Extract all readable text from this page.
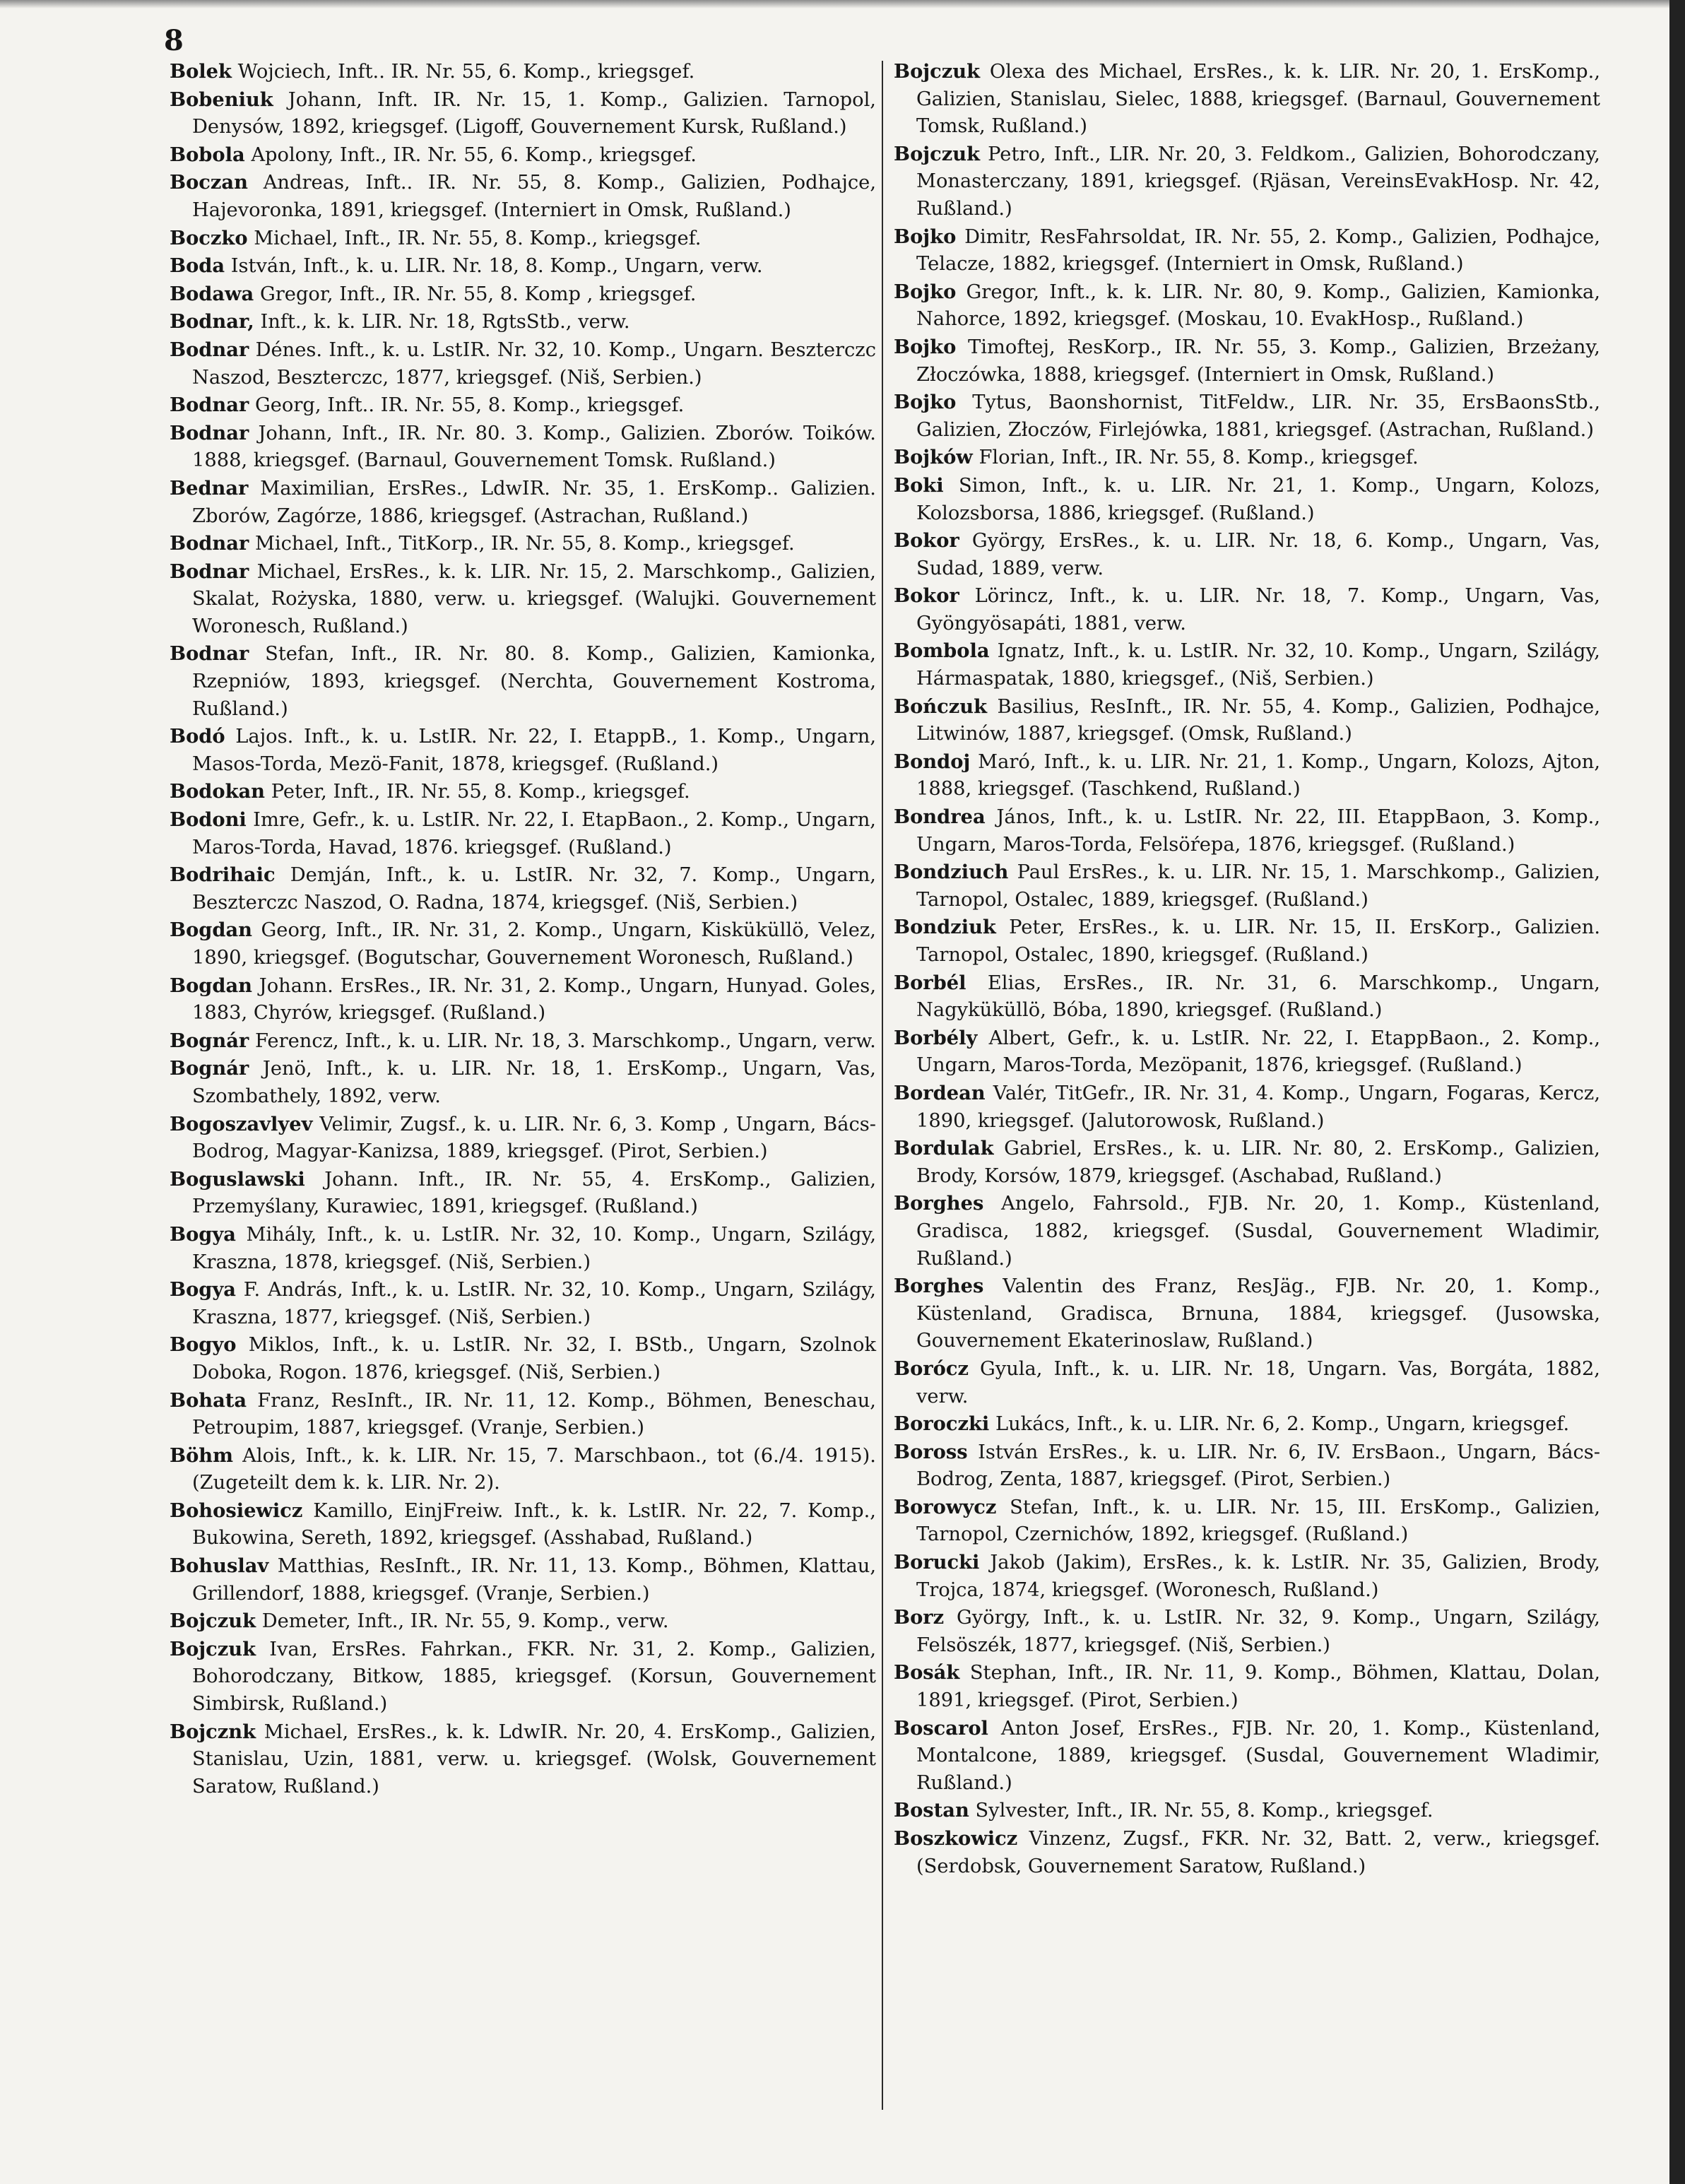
8

Bolek Wojciech, Inft.. IR. Nr. 55, 6. Komp., kriegsgef.

Bobeniuk Johann, Inft. IR. Nr. 15, 1. Komp., Galizien. Tarnopol, Denysów, 1892, kriegsgef. (Ligoff, Gouvernement Kursk, Rußland.)

Bobola Apolony, Inft., IR. Nr. 55, 6. Komp., kriegsgef.

Boczan Andreas, Inft.. IR. Nr. 55, 8. Komp., Galizien, Podhajce, Hajevoronka, 1891, kriegsgef. (Interniert in Omsk, Rußland.)

Boczko Michael, Inft., IR. Nr. 55, 8. Komp., kriegsgef.

Boda István, Inft., k. u. LIR. Nr. 18, 8. Komp., Ungarn, verw.

Bodawa Gregor, Inft., IR. Nr. 55, 8. Komp , kriegsgef.

Bodnar, Inft., k. k. LIR. Nr. 18, RgtsStb., verw.

Bodnar Dénes. Inft., k. u. LstIR. Nr. 32, 10. Komp., Ungarn. Beszterczc Naszod, Beszterczc, 1877, kriegsgef. (Niš, Serbien.)

Bodnar Georg, Inft.. IR. Nr. 55, 8. Komp., kriegsgef.

Bodnar Johann, Inft., IR. Nr. 80. 3. Komp., Galizien. Zborów. Toików. 1888, kriegsgef. (Barnaul, Gouvernement Tomsk. Rußland.)

Bednar Maximilian, ErsRes., LdwIR. Nr. 35, 1. ErsKomp.. Galizien. Zborów, Zagórze, 1886, kriegsgef. (Astrachan, Rußland.)

Bodnar Michael, Inft., TitKorp., IR. Nr. 55, 8. Komp., kriegsgef.

Bodnar Michael, ErsRes., k. k. LIR. Nr. 15, 2. Marschkomp., Galizien, Skalat, Rożyska, 1880, verw. u. kriegsgef. (Walujki. Gouvernement Woronesch, Rußland.)

Bodnar Stefan, Inft., IR. Nr. 80. 8. Komp., Galizien, Kamionka, Rzepniów, 1893, kriegsgef. (Nerchta, Gouvernement Kostroma, Rußland.)

Bodó Lajos. Inft., k. u. LstIR. Nr. 22, I. EtappB., 1. Komp., Ungarn, Masos-Torda, Mezö-Fanit, 1878, kriegsgef. (Rußland.)

Bodokan Peter, Inft., IR. Nr. 55, 8. Komp., kriegsgef.

Bodoni Imre, Gefr., k. u. LstIR. Nr. 22, I. EtapBaon., 2. Komp., Ungarn, Maros-Torda, Havad, 1876. kriegsgef. (Rußland.)

Bodrihaic Demján, Inft., k. u. LstIR. Nr. 32, 7. Komp., Ungarn, Beszterczc Naszod, O. Radna, 1874, kriegsgef. (Niš, Serbien.)

Bogdan Georg, Inft., IR. Nr. 31, 2. Komp., Ungarn, Kisküküllö, Velez, 1890, kriegsgef. (Bogutschar, Gouvernement Woronesch, Rußland.)

Bogdan Johann. ErsRes., IR. Nr. 31, 2. Komp., Ungarn, Hunyad. Goles, 1883, Chyrów, kriegsgef. (Rußland.)

Bognár Ferencz, Inft., k. u. LIR. Nr. 18, 3. Marschkomp., Ungarn, verw.

Bognár Jenö, Inft., k. u. LIR. Nr. 18, 1. ErsKomp., Ungarn, Vas, Szombathely, 1892, verw.

Bogoszavlyev Velimir, Zugsf., k. u. LIR. Nr. 6, 3. Komp , Ungarn, Bács-Bodrog, Magyar-Kanizsa, 1889, kriegsgef. (Pirot, Serbien.)

Boguslawski Johann. Inft., IR. Nr. 55, 4. ErsKomp., Galizien, Przemyślany, Kurawiec, 1891, kriegsgef. (Rußland.)

Bogya Mihály, Inft., k. u. LstIR. Nr. 32, 10. Komp., Ungarn, Szilágy, Kraszna, 1878, kriegsgef. (Niš, Serbien.)

Bogya F. András, Inft., k. u. LstIR. Nr. 32, 10. Komp., Ungarn, Szilágy, Kraszna, 1877, kriegsgef. (Niš, Serbien.)

Bogyo Miklos, Inft., k. u. LstIR. Nr. 32, I. BStb., Ungarn, Szolnok Doboka, Rogon. 1876, kriegsgef. (Niš, Serbien.)

Bohata Franz, ResInft., IR. Nr. 11, 12. Komp., Böhmen, Beneschau, Petroupim, 1887, kriegsgef. (Vranje, Serbien.)

Böhm Alois, Inft., k. k. LIR. Nr. 15, 7. Marschbaon., tot (6./4. 1915). (Zugeteilt dem k. k. LIR. Nr. 2).

Bohosiewicz Kamillo, EinjFreiw. Inft., k. k. LstIR. Nr. 22, 7. Komp., Bukowina, Sereth, 1892, kriegsgef. (Asshabad, Rußland.)

Bohuslav Matthias, ResInft., IR. Nr. 11, 13. Komp., Böhmen, Klattau, Grillendorf, 1888, kriegsgef. (Vranje, Serbien.)

Bojczuk Demeter, Inft., IR. Nr. 55, 9. Komp., verw.

Bojczuk Ivan, ErsRes. Fahrkan., FKR. Nr. 31, 2. Komp., Galizien, Bohorodczany, Bitkow, 1885, kriegsgef. (Korsun, Gouvernement Simbirsk, Rußland.)

Bojcznk Michael, ErsRes., k. k. LdwIR. Nr. 20, 4. ErsKomp., Galizien, Stanislau, Uzin, 1881, verw. u. kriegsgef. (Wolsk, Gouvernement Saratow, Rußland.)

Bojczuk Olexa des Michael, ErsRes., k. k. LIR. Nr. 20, 1. ErsKomp., Galizien, Stanislau, Sielec, 1888, kriegsgef. (Barnaul, Gouvernement Tomsk, Rußland.)

Bojczuk Petro, Inft., LIR. Nr. 20, 3. Feldkom., Galizien, Bohorodczany, Monasterczany, 1891, kriegsgef. (Rjäsan, VereinsEvakHosp. Nr. 42, Rußland.)

Bojko Dimitr, ResFahrsoldat, IR. Nr. 55, 2. Komp., Galizien, Podhajce, Telacze, 1882, kriegsgef. (Interniert in Omsk, Rußland.)

Bojko Gregor, Inft., k. k. LIR. Nr. 80, 9. Komp., Galizien, Kamionka, Nahorce, 1892, kriegsgef. (Moskau, 10. EvakHosp., Rußland.)

Bojko Timoftej, ResKorp., IR. Nr. 55, 3. Komp., Galizien, Brzeżany, Złoczówka, 1888, kriegsgef. (Interniert in Omsk, Rußland.)

Bojko Tytus, Baonshornist, TitFeldw., LIR. Nr. 35, ErsBaonsStb., Galizien, Złoczów, Firlejówka, 1881, kriegsgef. (Astrachan, Rußland.)

Bojków Florian, Inft., IR. Nr. 55, 8. Komp., kriegsgef.

Boki Simon, Inft., k. u. LIR. Nr. 21, 1. Komp., Ungarn, Kolozs, Kolozsborsa, 1886, kriegsgef. (Rußland.)

Bokor György, ErsRes., k. u. LIR. Nr. 18, 6. Komp., Ungarn, Vas, Sudad, 1889, verw.

Bokor Lörincz, Inft., k. u. LIR. Nr. 18, 7. Komp., Ungarn, Vas, Gyöngyösapáti, 1881, verw.

Bombola Ignatz, Inft., k. u. LstIR. Nr. 32, 10. Komp., Ungarn, Szilágy, Hármaspatak, 1880, kriegsgef., (Niš, Serbien.)

Bończuk Basilius, ResInft., IR. Nr. 55, 4. Komp., Galizien, Podhajce, Litwinów, 1887, kriegsgef. (Omsk, Rußland.)

Bondoj Maró, Inft., k. u. LIR. Nr. 21, 1. Komp., Ungarn, Kolozs, Ajton, 1888, kriegsgef. (Taschkend, Rußland.)

Bondrea János, Inft., k. u. LstIR. Nr. 22, III. EtappBaon, 3. Komp., Ungarn, Maros-Torda, Felsöŕepa, 1876, kriegsgef. (Rußland.)

Bondziuch Paul ErsRes., k. u. LIR. Nr. 15, 1. Marschkomp., Galizien, Tarnopol, Ostalec, 1889, kriegsgef. (Rußland.)

Bondziuk Peter, ErsRes., k. u. LIR. Nr. 15, II. ErsKorp., Galizien. Tarnopol, Ostalec, 1890, kriegsgef. (Rußland.)

Borbél Elias, ErsRes., IR. Nr. 31, 6. Marschkomp., Ungarn, Nagyküküllö, Bóba, 1890, kriegsgef. (Rußland.)

Borbély Albert, Gefr., k. u. LstIR. Nr. 22, I. EtappBaon., 2. Komp., Ungarn, Maros-Torda, Mezöpanit, 1876, kriegsgef. (Rußland.)

Bordean Valér, TitGefr., IR. Nr. 31, 4. Komp., Ungarn, Fogaras, Kercz, 1890, kriegsgef. (Jalutorowosk, Rußland.)

Bordulak Gabriel, ErsRes., k. u. LIR. Nr. 80, 2. ErsKomp., Galizien, Brody, Korsów, 1879, kriegsgef. (Aschabad, Rußland.)

Borghes Angelo, Fahrsold., FJB. Nr. 20, 1. Komp., Küstenland, Gradisca, 1882, kriegsgef. (Susdal, Gouvernement Wladimir, Rußland.)

Borghes Valentin des Franz, ResJäg., FJB. Nr. 20, 1. Komp., Küstenland, Gradisca, Brnuna, 1884, kriegsgef. (Jusowska, Gouvernement Ekaterinoslaw, Rußland.)

Borócz Gyula, Inft., k. u. LIR. Nr. 18, Ungarn. Vas, Borgáta, 1882, verw.

Boroczki Lukács, Inft., k. u. LIR. Nr. 6, 2. Komp., Ungarn, kriegsgef.

Boross István ErsRes., k. u. LIR. Nr. 6, IV. ErsBaon., Ungarn, Bács-Bodrog, Zenta, 1887, kriegsgef. (Pirot, Serbien.)

Borowycz Stefan, Inft., k. u. LIR. Nr. 15, III. ErsKomp., Galizien, Tarnopol, Czernichów, 1892, kriegsgef. (Rußland.)

Borucki Jakob (Jakim), ErsRes., k. k. LstIR. Nr. 35, Galizien, Brody, Trojca, 1874, kriegsgef. (Woronesch, Rußland.)

Borz György, Inft., k. u. LstIR. Nr. 32, 9. Komp., Ungarn, Szilágy, Felsöszék, 1877, kriegsgef. (Niš, Serbien.)

Bosák Stephan, Inft., IR. Nr. 11, 9. Komp., Böhmen, Klattau, Dolan, 1891, kriegsgef. (Pirot, Serbien.)

Boscarol Anton Josef, ErsRes., FJB. Nr. 20, 1. Komp., Küstenland, Montalcone, 1889, kriegsgef. (Susdal, Gouvernement Wladimir, Rußland.)

Bostan Sylvester, Inft., IR. Nr. 55, 8. Komp., kriegsgef.

Boszkowicz Vinzenz, Zugsf., FKR. Nr. 32, Batt. 2, verw., kriegsgef. (Serdobsk, Gouvernement Saratow, Rußland.)
